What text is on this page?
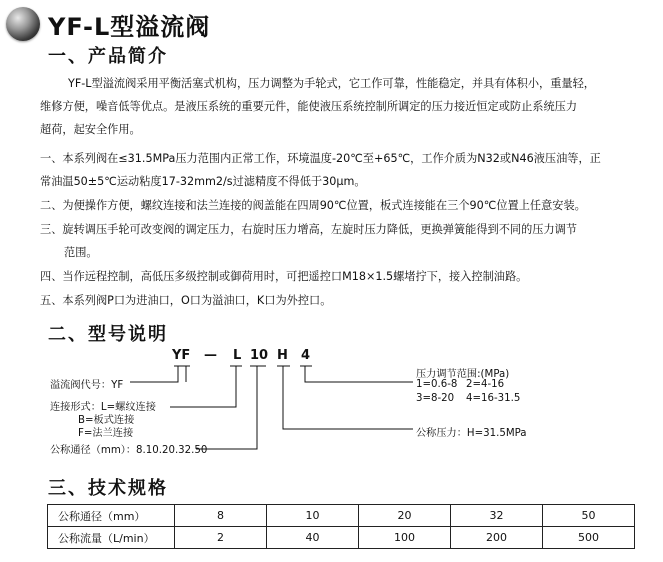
YF-L型溢流阀
一、产品简介
YF-L型溢流阀采用平衡活塞式机构，压力调整为手轮式，它工作可靠，性能稳定，并具有体积小，重量轻，
维修方便，噪音低等优点。是液压系统的重要元件，能使液压系统控制所调定的压力接近恒定或防止系统压力
超荷，起安全作用。
一、本系列阀在≤31.5MPa压力范围内正常工作，环境温度-20℃至+65℃，工作介质为N32或N46液压油等，正
常油温50±5℃运动粘度17-32mm2/s过滤精度不得低于30μm。
二、为便操作方便，螺纹连接和法兰连接的阀盖能在四周90℃位置，板式连接能在三个90℃位置上任意安装。
三、旋转调压手轮可改变阀的调定压力，右旋时压力增高，左旋时压力降低，更换弹簧能得到不同的压力调节
范围。
四、当作远程控制，高低压多级控制或御荷用时，可把遥控口M18×1.5螺堵拧下，接入控制油路。
五、本系列阀P口为进油口，O口为溢油口，K口为外控口。
二、型号说明
YF — L 10 H 4
溢流阀代号：YF
连接形式：L=螺纹连接
B=板式连接
F=法兰连接
公称通径（mm）：8.10.20.32.50
压力调节范围:(MPa)
1=0.6-8 2=4-16
3=8-20 4=16-31.5
公称压力：H=31.5MPa
三、技术规格
公称通径（mm）	8	10	20	32	50
公称流量（L/min）	2	40	100	200	500
